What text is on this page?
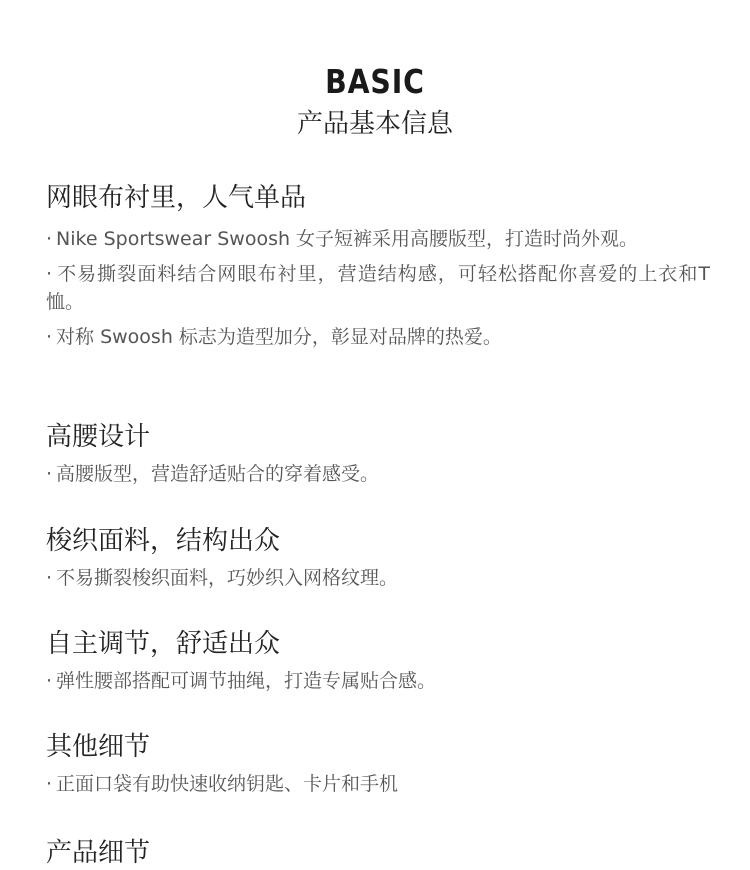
BASIC
产品基本信息
网眼布衬里，人气单品

· Nike Sportswear Swoosh 女子短裤采用高腰版型，打造时尚外观。

· 不易撕裂面料结合网眼布衬里，营造结构感，可轻松搭配你喜爱的上衣和T恤。

· 对称 Swoosh 标志为造型加分，彰显对品牌的热爱。

高腰设计

· 高腰版型，营造舒适贴合的穿着感受。

梭织面料，结构出众

· 不易撕裂梭织面料，巧妙织入网格纹理。

自主调节，舒适出众

· 弹性腰部搭配可调节抽绳，打造专属贴合感。

其他细节

· 正面口袋有助快速收纳钥匙、卡片和手机

产品细节
